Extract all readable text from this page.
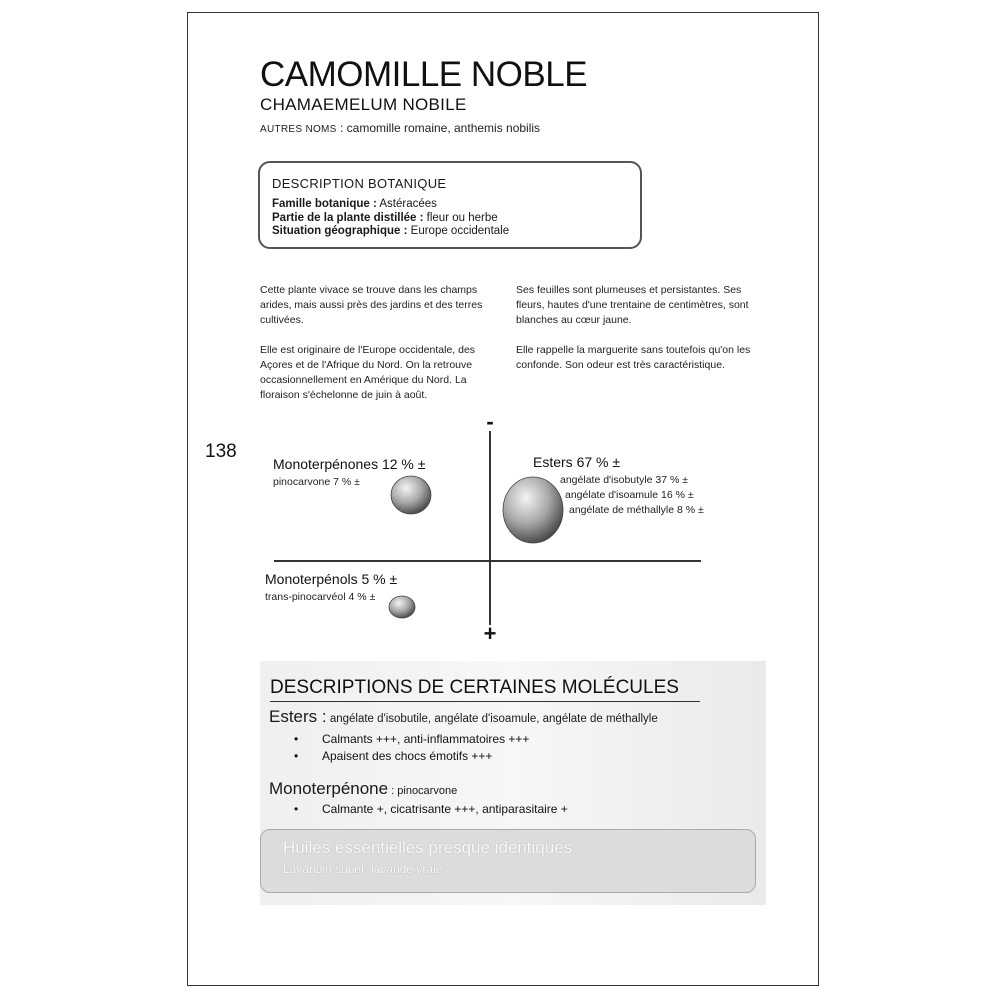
CAMOMILLE NOBLE
CHAMAEMELUM NOBILE
AUTRES NOMS : camomille romaine, anthemis nobilis
DESCRIPTION BOTANIQUE
Famille botanique : Astéracées
Partie de la plante distillée : fleur ou herbe
Situation géographique : Europe occidentale

Cette plante vivace se trouve dans les champs arides, mais aussi près des jardins et des terres cultivées.

Elle est originaire de l'Europe occidentale, des Açores et de l'Afrique du Nord. On la retrouve occasionnellement en Amérique du Nord. La floraison s'échelonne de juin à août.

Ses feuilles sont plumeuses et persistantes. Ses fleurs, hautes d'une trentaine de centimètres, sont blanches au cœur jaune.

Elle rappelle la marguerite sans toutefois qu'on les confonde. Son odeur est très caractéristique.

138
-
+
Monoterpénones 12 % ±
pinocarvone 7 % ±
Esters 67 % ±
angélate d'isobutyle 37 % ±
angélate d'isoamule 16 % ±
angélate de méthallyle 8 % ±
Monoterpénols 5 % ±
trans-pinocarvéol 4 % ±
DESCRIPTIONS DE CERTAINES MOLÉCULES
Esters : angélate d'isobutile, angélate d'isoamule, angélate de méthallyle
• Calmants +++, anti-inflammatoires +++
• Apaisent des chocs émotifs +++
Monoterpénone : pinocarvone
• Calmante +, cicatrisante +++, antiparasitaire +
Huiles essentielles presque identiques
Lavandin super, lavande vraie
